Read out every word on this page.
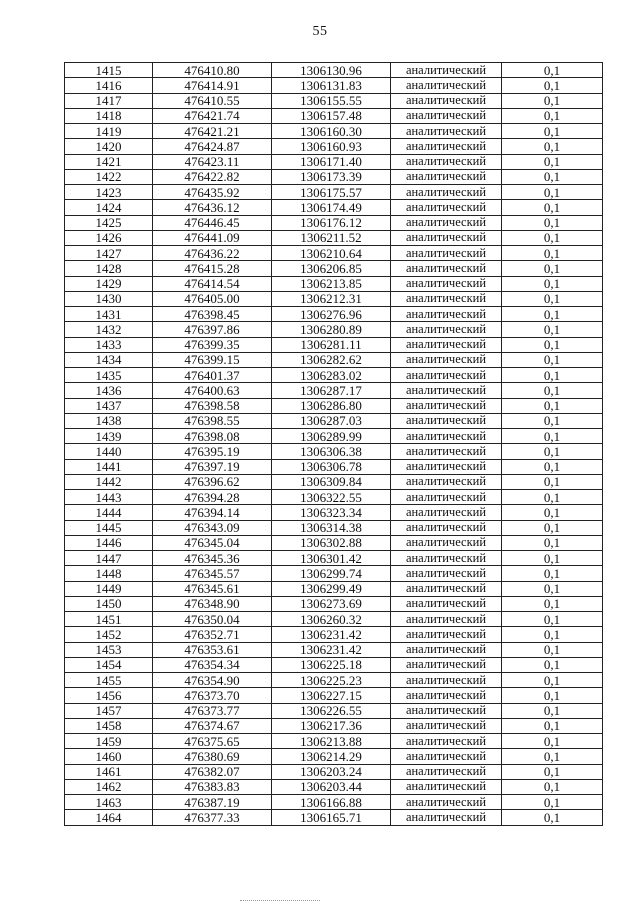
55
1415	476410.80	1306130.96	аналитический	0,1
1416	476414.91	1306131.83	аналитический	0,1
1417	476410.55	1306155.55	аналитический	0,1
1418	476421.74	1306157.48	аналитический	0,1
1419	476421.21	1306160.30	аналитический	0,1
1420	476424.87	1306160.93	аналитический	0,1
1421	476423.11	1306171.40	аналитический	0,1
1422	476422.82	1306173.39	аналитический	0,1
1423	476435.92	1306175.57	аналитический	0,1
1424	476436.12	1306174.49	аналитический	0,1
1425	476446.45	1306176.12	аналитический	0,1
1426	476441.09	1306211.52	аналитический	0,1
1427	476436.22	1306210.64	аналитический	0,1
1428	476415.28	1306206.85	аналитический	0,1
1429	476414.54	1306213.85	аналитический	0,1
1430	476405.00	1306212.31	аналитический	0,1
1431	476398.45	1306276.96	аналитический	0,1
1432	476397.86	1306280.89	аналитический	0,1
1433	476399.35	1306281.11	аналитический	0,1
1434	476399.15	1306282.62	аналитический	0,1
1435	476401.37	1306283.02	аналитический	0,1
1436	476400.63	1306287.17	аналитический	0,1
1437	476398.58	1306286.80	аналитический	0,1
1438	476398.55	1306287.03	аналитический	0,1
1439	476398.08	1306289.99	аналитический	0,1
1440	476395.19	1306306.38	аналитический	0,1
1441	476397.19	1306306.78	аналитический	0,1
1442	476396.62	1306309.84	аналитический	0,1
1443	476394.28	1306322.55	аналитический	0,1
1444	476394.14	1306323.34	аналитический	0,1
1445	476343.09	1306314.38	аналитический	0,1
1446	476345.04	1306302.88	аналитический	0,1
1447	476345.36	1306301.42	аналитический	0,1
1448	476345.57	1306299.74	аналитический	0,1
1449	476345.61	1306299.49	аналитический	0,1
1450	476348.90	1306273.69	аналитический	0,1
1451	476350.04	1306260.32	аналитический	0,1
1452	476352.71	1306231.42	аналитический	0,1
1453	476353.61	1306231.42	аналитический	0,1
1454	476354.34	1306225.18	аналитический	0,1
1455	476354.90	1306225.23	аналитический	0,1
1456	476373.70	1306227.15	аналитический	0,1
1457	476373.77	1306226.55	аналитический	0,1
1458	476374.67	1306217.36	аналитический	0,1
1459	476375.65	1306213.88	аналитический	0,1
1460	476380.69	1306214.29	аналитический	0,1
1461	476382.07	1306203.24	аналитический	0,1
1462	476383.83	1306203.44	аналитический	0,1
1463	476387.19	1306166.88	аналитический	0,1
1464	476377.33	1306165.71	аналитический	0,1
